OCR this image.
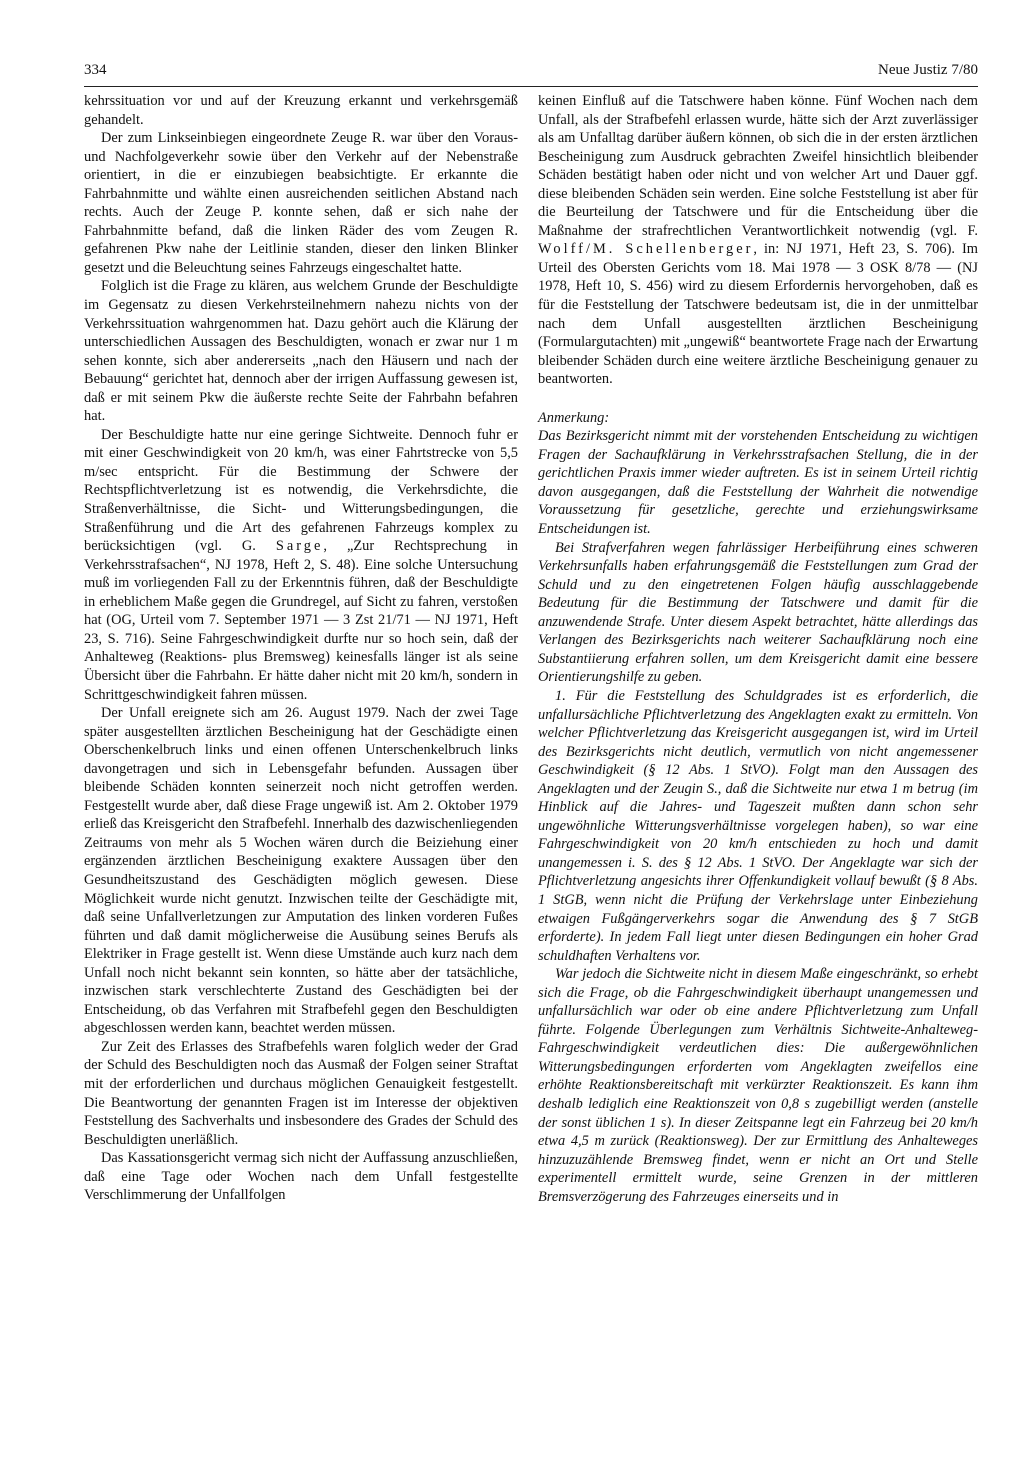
334	Neue Justiz 7/80

kehrssituation vor und auf der Kreuzung erkannt und verkehrsgemäß gehandelt.

Der zum Linkseinbiegen eingeordnete Zeuge R. war über den Voraus- und Nachfolgeverkehr sowie über den Verkehr auf der Nebenstraße orientiert, in die er einzubiegen beabsichtigte. Er erkannte die Fahrbahnmitte und wählte einen ausreichenden seitlichen Abstand nach rechts. Auch der Zeuge P. konnte sehen, daß er sich nahe der Fahrbahnmitte befand, daß die linken Räder des vom Zeugen R. gefahrenen Pkw nahe der Leitlinie standen, dieser den linken Blinker gesetzt und die Beleuchtung seines Fahrzeugs eingeschaltet hatte.

Folglich ist die Frage zu klären, aus welchem Grunde der Beschuldigte im Gegensatz zu diesen Verkehrsteilnehmern nahezu nichts von der Verkehrssituation wahrgenommen hat. Dazu gehört auch die Klärung der unterschiedlichen Aussagen des Beschuldigten, wonach er zwar nur 1 m sehen konnte, sich aber andererseits „nach den Häusern und nach der Bebauung“ gerichtet hat, dennoch aber der irrigen Auffassung gewesen ist, daß er mit seinem Pkw die äußerste rechte Seite der Fahrbahn befahren hat.

Der Beschuldigte hatte nur eine geringe Sichtweite. Dennoch fuhr er mit einer Geschwindigkeit von 20 km/h, was einer Fahrtstrecke von 5,5 m/sec entspricht. Für die Bestimmung der Schwere der Rechtspflichtverletzung ist es notwendig, die Verkehrsdichte, die Straßenverhältnisse, die Sicht- und Witterungsbedingungen, die Straßenführung und die Art des gefahrenen Fahrzeugs komplex zu berücksichtigen (vgl. G. Sarge, „Zur Rechtsprechung in Verkehrsstrafsachen“, NJ 1978, Heft 2, S. 48). Eine solche Untersuchung muß im vorliegenden Fall zu der Erkenntnis führen, daß der Beschuldigte in erheblichem Maße gegen die Grundregel, auf Sicht zu fahren, verstoßen hat (OG, Urteil vom 7. September 1971 — 3 Zst 21/71 — NJ 1971, Heft 23, S. 716). Seine Fahrgeschwindigkeit durfte nur so hoch sein, daß der Anhalteweg (Reaktions- plus Bremsweg) keinesfalls länger ist als seine Übersicht über die Fahrbahn. Er hätte daher nicht mit 20 km/h, sondern in Schrittgeschwindigkeit fahren müssen.

Der Unfall ereignete sich am 26. August 1979. Nach der zwei Tage später ausgestellten ärztlichen Bescheinigung hat der Geschädigte einen Oberschenkelbruch links und einen offenen Unterschenkelbruch links davongetragen und sich in Lebensgefahr befunden. Aussagen über bleibende Schäden konnten seinerzeit noch nicht getroffen werden. Festgestellt wurde aber, daß diese Frage ungewiß ist. Am 2. Oktober 1979 erließ das Kreisgericht den Strafbefehl. Innerhalb des dazwischenliegenden Zeitraums von mehr als 5 Wochen wären durch die Beiziehung einer ergänzenden ärztlichen Bescheinigung exaktere Aussagen über den Gesundheitszustand des Geschädigten möglich gewesen. Diese Möglichkeit wurde nicht genutzt. Inzwischen teilte der Geschädigte mit, daß seine Unfallverletzungen zur Amputation des linken vorderen Fußes führten und daß damit möglicherweise die Ausübung seines Berufs als Elektriker in Frage gestellt ist. Wenn diese Umstände auch kurz nach dem Unfall noch nicht bekannt sein konnten, so hätte aber der tatsächliche, inzwischen stark verschlechterte Zustand des Geschädigten bei der Entscheidung, ob das Verfahren mit Strafbefehl gegen den Beschuldigten abgeschlossen werden kann, beachtet werden müssen.

Zur Zeit des Erlasses des Strafbefehls waren folglich weder der Grad der Schuld des Beschuldigten noch das Ausmaß der Folgen seiner Straftat mit der erforderlichen und durchaus möglichen Genauigkeit festgestellt. Die Beantwortung der genannten Fragen ist im Interesse der objektiven Feststellung des Sachverhalts und insbesondere des Grades der Schuld des Beschuldigten unerläßlich.

Das Kassationsgericht vermag sich nicht der Auffassung anzuschließen, daß eine Tage oder Wochen nach dem Unfall festgestellte Verschlimmerung der Unfallfolgen

keinen Einfluß auf die Tatschwere haben könne. Fünf Wochen nach dem Unfall, als der Strafbefehl erlassen wurde, hätte sich der Arzt zuverlässiger als am Unfalltag darüber äußern können, ob sich die in der ersten ärztlichen Bescheinigung zum Ausdruck gebrachten Zweifel hinsichtlich bleibender Schäden bestätigt haben oder nicht und von welcher Art und Dauer ggf. diese bleibenden Schäden sein werden. Eine solche Feststellung ist aber für die Beurteilung der Tatschwere und für die Entscheidung über die Maßnahme der strafrechtlichen Verantwortlichkeit notwendig (vgl. F. Wolff/M. Schellenberger, in: NJ 1971, Heft 23, S. 706). Im Urteil des Obersten Gerichts vom 18. Mai 1978 — 3 OSK 8/78 — (NJ 1978, Heft 10, S. 456) wird zu diesem Erfordernis hervorgehoben, daß es für die Feststellung der Tatschwere bedeutsam ist, die in der unmittelbar nach dem Unfall ausgestellten ärztlichen Bescheinigung (Formulargutachten) mit „ungewiß“ beantwortete Frage nach der Erwartung bleibender Schäden durch eine weitere ärztliche Bescheinigung genauer zu beantworten.

Anmerkung:

Das Bezirksgericht nimmt mit der vorstehenden Entscheidung zu wichtigen Fragen der Sachaufklärung in Verkehrsstrafsachen Stellung, die in der gerichtlichen Praxis immer wieder auftreten. Es ist in seinem Urteil richtig davon ausgegangen, daß die Feststellung der Wahrheit die notwendige Voraussetzung für gesetzliche, gerechte und erziehungswirksame Entscheidungen ist.

Bei Strafverfahren wegen fahrlässiger Herbeiführung eines schweren Verkehrsunfalls haben erfahrungsgemäß die Feststellungen zum Grad der Schuld und zu den eingetretenen Folgen häufig ausschlaggebende Bedeutung für die Bestimmung der Tatschwere und damit für die anzuwendende Strafe. Unter diesem Aspekt betrachtet, hätte allerdings das Verlangen des Bezirksgerichts nach weiterer Sachaufklärung noch eine Substantiierung erfahren sollen, um dem Kreisgericht damit eine bessere Orientierungshilfe zu geben.

1. Für die Feststellung des Schuldgrades ist es erforderlich, die unfallursächliche Pflichtverletzung des Angeklagten exakt zu ermitteln. Von welcher Pflichtverletzung das Kreisgericht ausgegangen ist, wird im Urteil des Bezirksgerichts nicht deutlich, vermutlich von nicht angemessener Geschwindigkeit (§ 12 Abs. 1 StVO). Folgt man den Aussagen des Angeklagten und der Zeugin S., daß die Sichtweite nur etwa 1 m betrug (im Hinblick auf die Jahres- und Tageszeit mußten dann schon sehr ungewöhnliche Witterungsverhältnisse vorgelegen haben), so war eine Fahrgeschwindigkeit von 20 km/h entschieden zu hoch und damit unangemessen i. S. des § 12 Abs. 1 StVO. Der Angeklagte war sich der Pflichtverletzung angesichts ihrer Offenkundigkeit vollauf bewußt (§ 8 Abs. 1 StGB, wenn nicht die Prüfung der Verkehrslage unter Einbeziehung etwaigen Fußgängerverkehrs sogar die Anwendung des § 7 StGB erforderte). In jedem Fall liegt unter diesen Bedingungen ein hoher Grad schuldhaften Verhaltens vor.

War jedoch die Sichtweite nicht in diesem Maße eingeschränkt, so erhebt sich die Frage, ob die Fahrgeschwindigkeit überhaupt unangemessen und unfallursächlich war oder ob eine andere Pflichtverletzung zum Unfall führte. Folgende Überlegungen zum Verhältnis Sichtweite-Anhalteweg-Fahrgeschwindigkeit verdeutlichen dies: Die außergewöhnlichen Witterungsbedingungen erforderten vom Angeklagten zweifellos eine erhöhte Reaktionsbereitschaft mit verkürzter Reaktionszeit. Es kann ihm deshalb lediglich eine Reaktionszeit von 0,8 s zugebilligt werden (anstelle der sonst üblichen 1 s). In dieser Zeitspanne legt ein Fahrzeug bei 20 km/h etwa 4,5 m zurück (Reaktionsweg). Der zur Ermittlung des Anhalteweges hinzuzuzählende Bremsweg findet, wenn er nicht an Ort und Stelle experimentell ermittelt wurde, seine Grenzen in der mittleren Bremsverzögerung des Fahrzeuges einerseits und in
